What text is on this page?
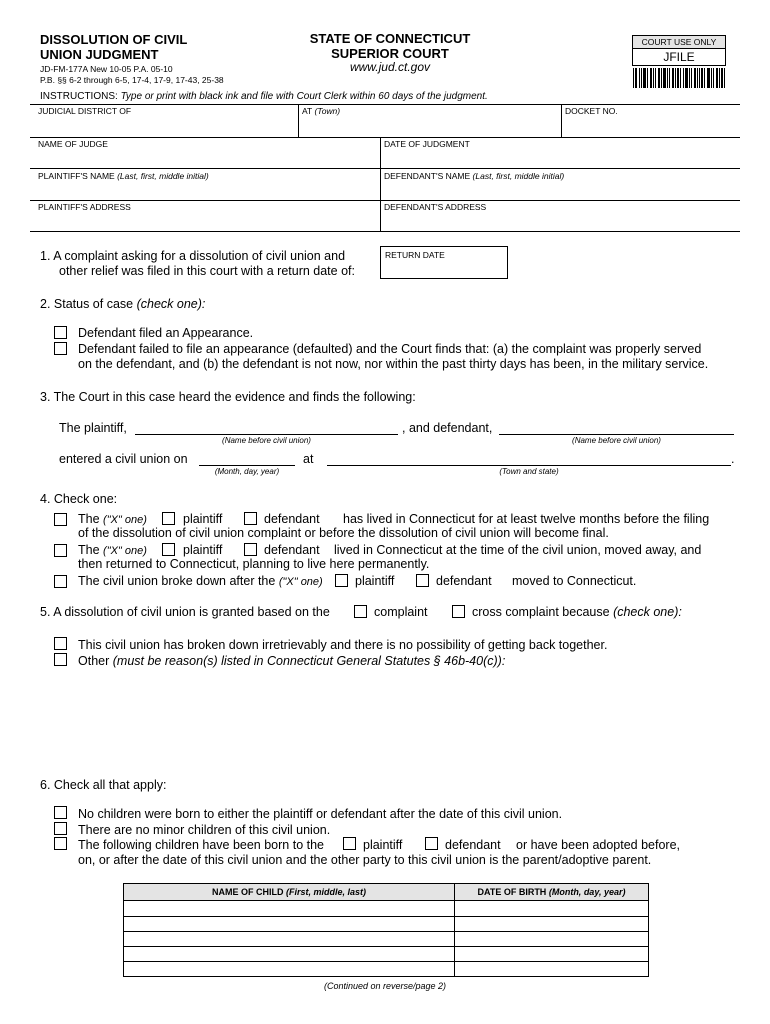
DISSOLUTION OF CIVIL
UNION JUDGMENT
JD-FM-177A New 10-05 P.A. 05-10
P.B. §§ 6-2 through 6-5, 17-4, 17-9, 17-43, 25-38
STATE OF CONNECTICUT
SUPERIOR COURT
www.jud.ct.gov
COURT USE ONLY
JFILE
INSTRUCTIONS: Type or print with black ink and file with Court Clerk within 60 days of the judgment.
JUDICIAL DISTRICT OF	AT (Town)	DOCKET NO.
NAME OF JUDGE	DATE OF JUDGMENT
PLAINTIFF'S NAME (Last, first, middle initial)	DEFENDANT'S NAME (Last, first, middle initial)
PLAINTIFF'S ADDRESS	DEFENDANT'S ADDRESS
1. A complaint asking for a dissolution of civil union and
other relief was filed in this court with a return date of:
RETURN DATE
2. Status of case (check one):
Defendant filed an Appearance.
Defendant failed to file an appearance (defaulted) and the Court finds that: (a) the complaint was properly served
on the defendant, and (b) the defendant is not now, nor within the past thirty days has been, in the military service.
3. The Court in this case heard the evidence and finds the following:
The plaintiff,
(Name before civil union)
, and defendant,
(Name before civil union)
entered a civil union on
(Month, day, year)
at
(Town and state)
.
4. Check one:
The ("X" one)	plaintiff	defendant has lived in Connecticut for at least twelve months before the filing
of the dissolution of civil union complaint or before the dissolution of civil union will become final.
The ("X" one)	plaintiff	defendant lived in Connecticut at the time of the civil union, moved away, and
then returned to Connecticut, planning to live here permanently.
The civil union broke down after the ("X" one)	plaintiff	defendant moved to Connecticut.
5. A dissolution of civil union is granted based on the	complaint	cross complaint because (check one):
This civil union has broken down irretrievably and there is no possibility of getting back together.
Other (must be reason(s) listed in Connecticut General Statutes § 46b-40(c)):
6. Check all that apply:
No children were born to either the plaintiff or defendant after the date of this civil union.
There are no minor children of this civil union.
The following children have been born to the	plaintiff	defendant or have been adopted before,
on, or after the date of this civil union and the other party to this civil union is the parent/adoptive parent.
NAME OF CHILD (First, middle, last)	DATE OF BIRTH (Month, day, year)
(Continued on reverse/page 2)
